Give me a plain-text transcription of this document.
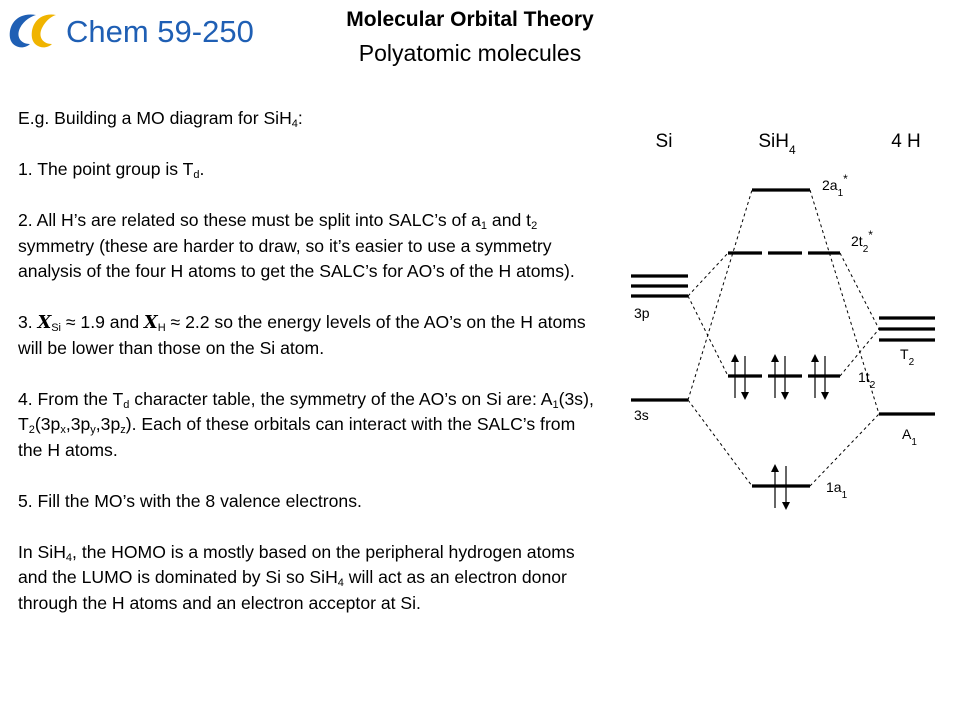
Chem 59-250	Molecular Orbital Theory
Polyatomic molecules

E.g. Building a MO diagram for SiH$_4$:

1. The point group is $T_d$.

2. All H’s are related so these must be split into SALC’s of $a_1$ and $t_2$ symmetry (these are harder to draw, so it’s easier to use a symmetry analysis of the four H atoms to get the SALC’s for AO’s of the H atoms).

3. $X_{Si} \approx 1.9$ and $X_H \approx 2.2$ so the energy levels of the AO’s on the H atoms will be lower than those on the Si atom.

4. From the $T_d$ character table, the symmetry of the AO’s on Si are: $A_1(3s)$, $T_2(3p_x,3p_y,3p_z)$. Each of these orbitals can interact with the SALC’s from the H atoms.

5. Fill the MO’s with the 8 valence electrons.

In SiH$_4$, the HOMO is a mostly based on the peripheral hydrogen atoms and the LUMO is dominated by Si so SiH$_4$ will act as an electron donor through the H atoms and an electron acceptor at Si.

Si	SiH$_4$	4 H
$2a_1^*$
$2t_2^*$
3p
3s
$T_2$
$1t_2$
$A_1$
$1a_1$
